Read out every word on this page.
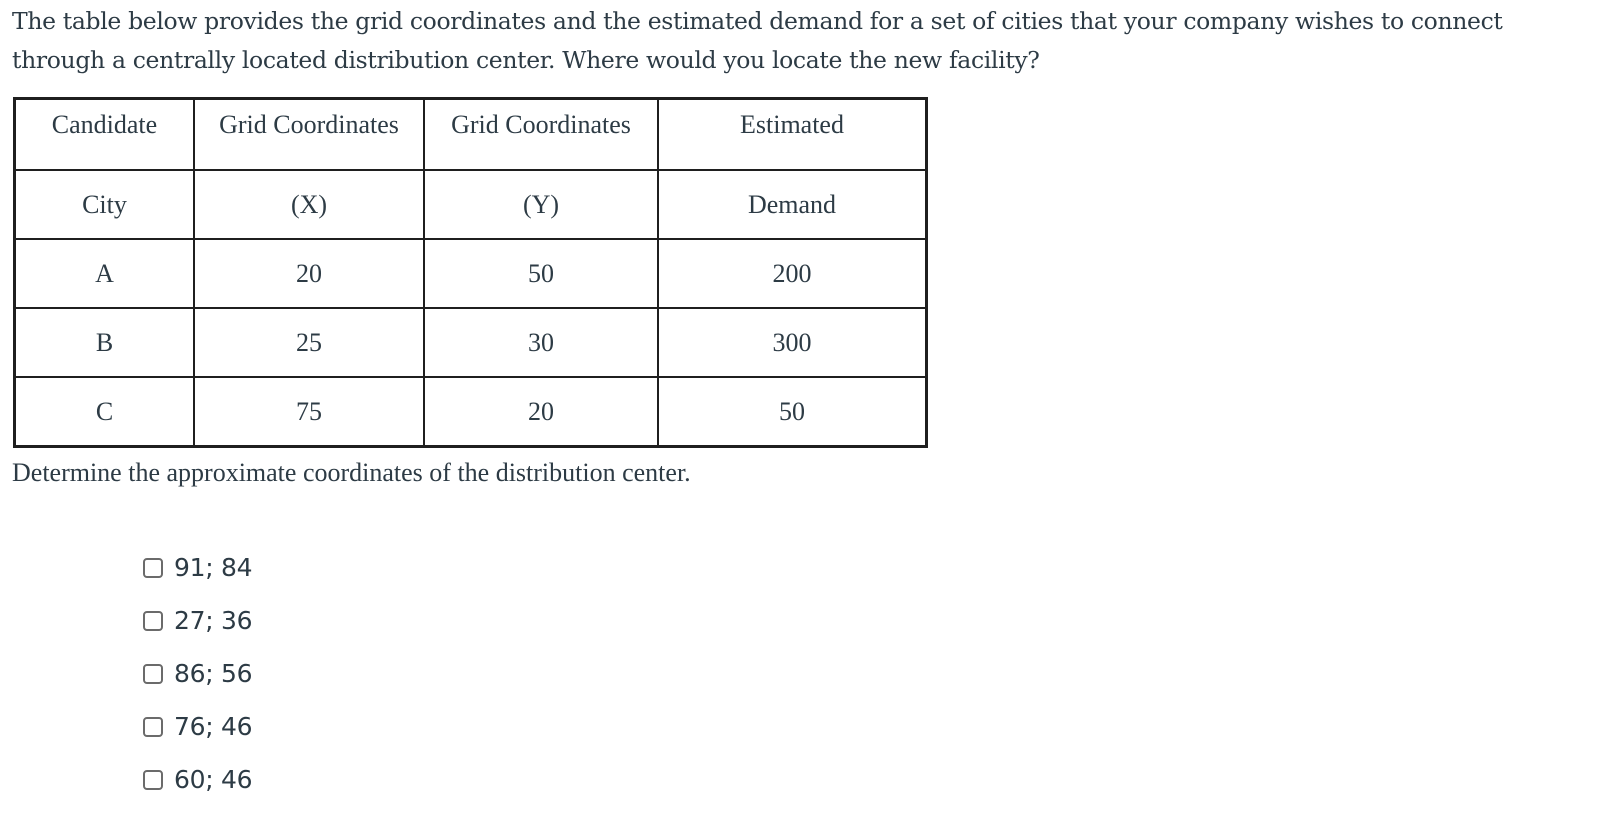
The table below provides the grid coordinates and the estimated demand for a set of cities that your company wishes to connect through a centrally located distribution center. Where would you locate the new facility?

Candidate	Grid Coordinates	Grid Coordinates	Estimated
City	(X)	(Y)	Demand
A	20	50	200
B	25	30	300
C	75	20	50
Determine the approximate coordinates of the distribution center.
91; 84
27; 36
86; 56
76; 46
60; 46
